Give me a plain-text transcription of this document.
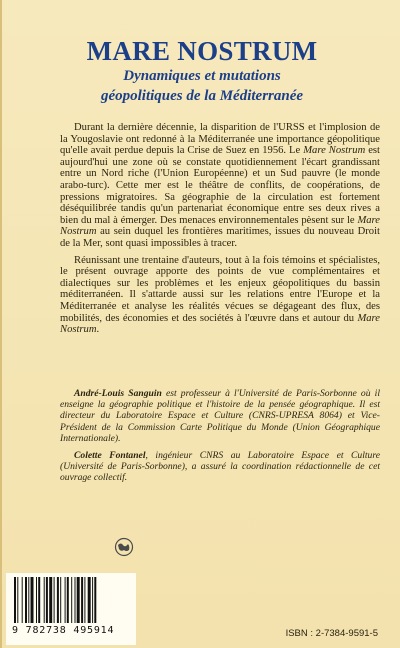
MARE NOSTRUM
Dynamiques et mutations
géopolitiques de la Méditerranée

Durant la dernière décennie, la disparition de l'URSS et l'implosion de la Yougoslavie ont redonné à la Méditerranée une importance géopolitique qu'elle avait perdue depuis la Crise de Suez en 1956. Le Mare Nostrum est aujourd'hui une zone où se constate quotidiennement l'écart grandissant entre un Nord riche (l'Union Européenne) et un Sud pauvre (le monde arabo-turc). Cette mer est le théâtre de conflits, de coopérations, de pressions migratoires. Sa géographie de la circulation est fortement déséquilibrée tandis qu'un partenariat économique entre ses deux rives a bien du mal à émerger. Des menaces environnementales pèsent sur le Mare Nostrum au sein duquel les frontières maritimes, issues du nouveau Droit de la Mer, sont quasi impossibles à tracer.

Réunissant une trentaine d'auteurs, tout à la fois témoins et spécialistes, le présent ouvrage apporte des points de vue complémentaires et dialectiques sur les problèmes et les enjeux géopolitiques du bassin méditerranéen. Il s'attarde aussi sur les relations entre l'Europe et la Méditerranée et analyse les réalités vécues se dégageant des flux, des mobilités, des économies et des sociétés à l'œuvre dans et autour du Mare Nostrum.

André-Louis Sanguin est professeur à l'Université de Paris-Sorbonne où il enseigne la géographie politique et l'histoire de la pensée géographique. Il est directeur du Laboratoire Espace et Culture (CNRS-UPRESA 8064) et Vice-Président de la Commission Carte Politique du Monde (Union Géographique Internationale).

Colette Fontanel, ingénieur CNRS au Laboratoire Espace et Culture (Université de Paris-Sorbonne), a assuré la coordination rédactionnelle de cet ouvrage collectif.

9 782738 495914	ISBN : 2-7384-9591-5
